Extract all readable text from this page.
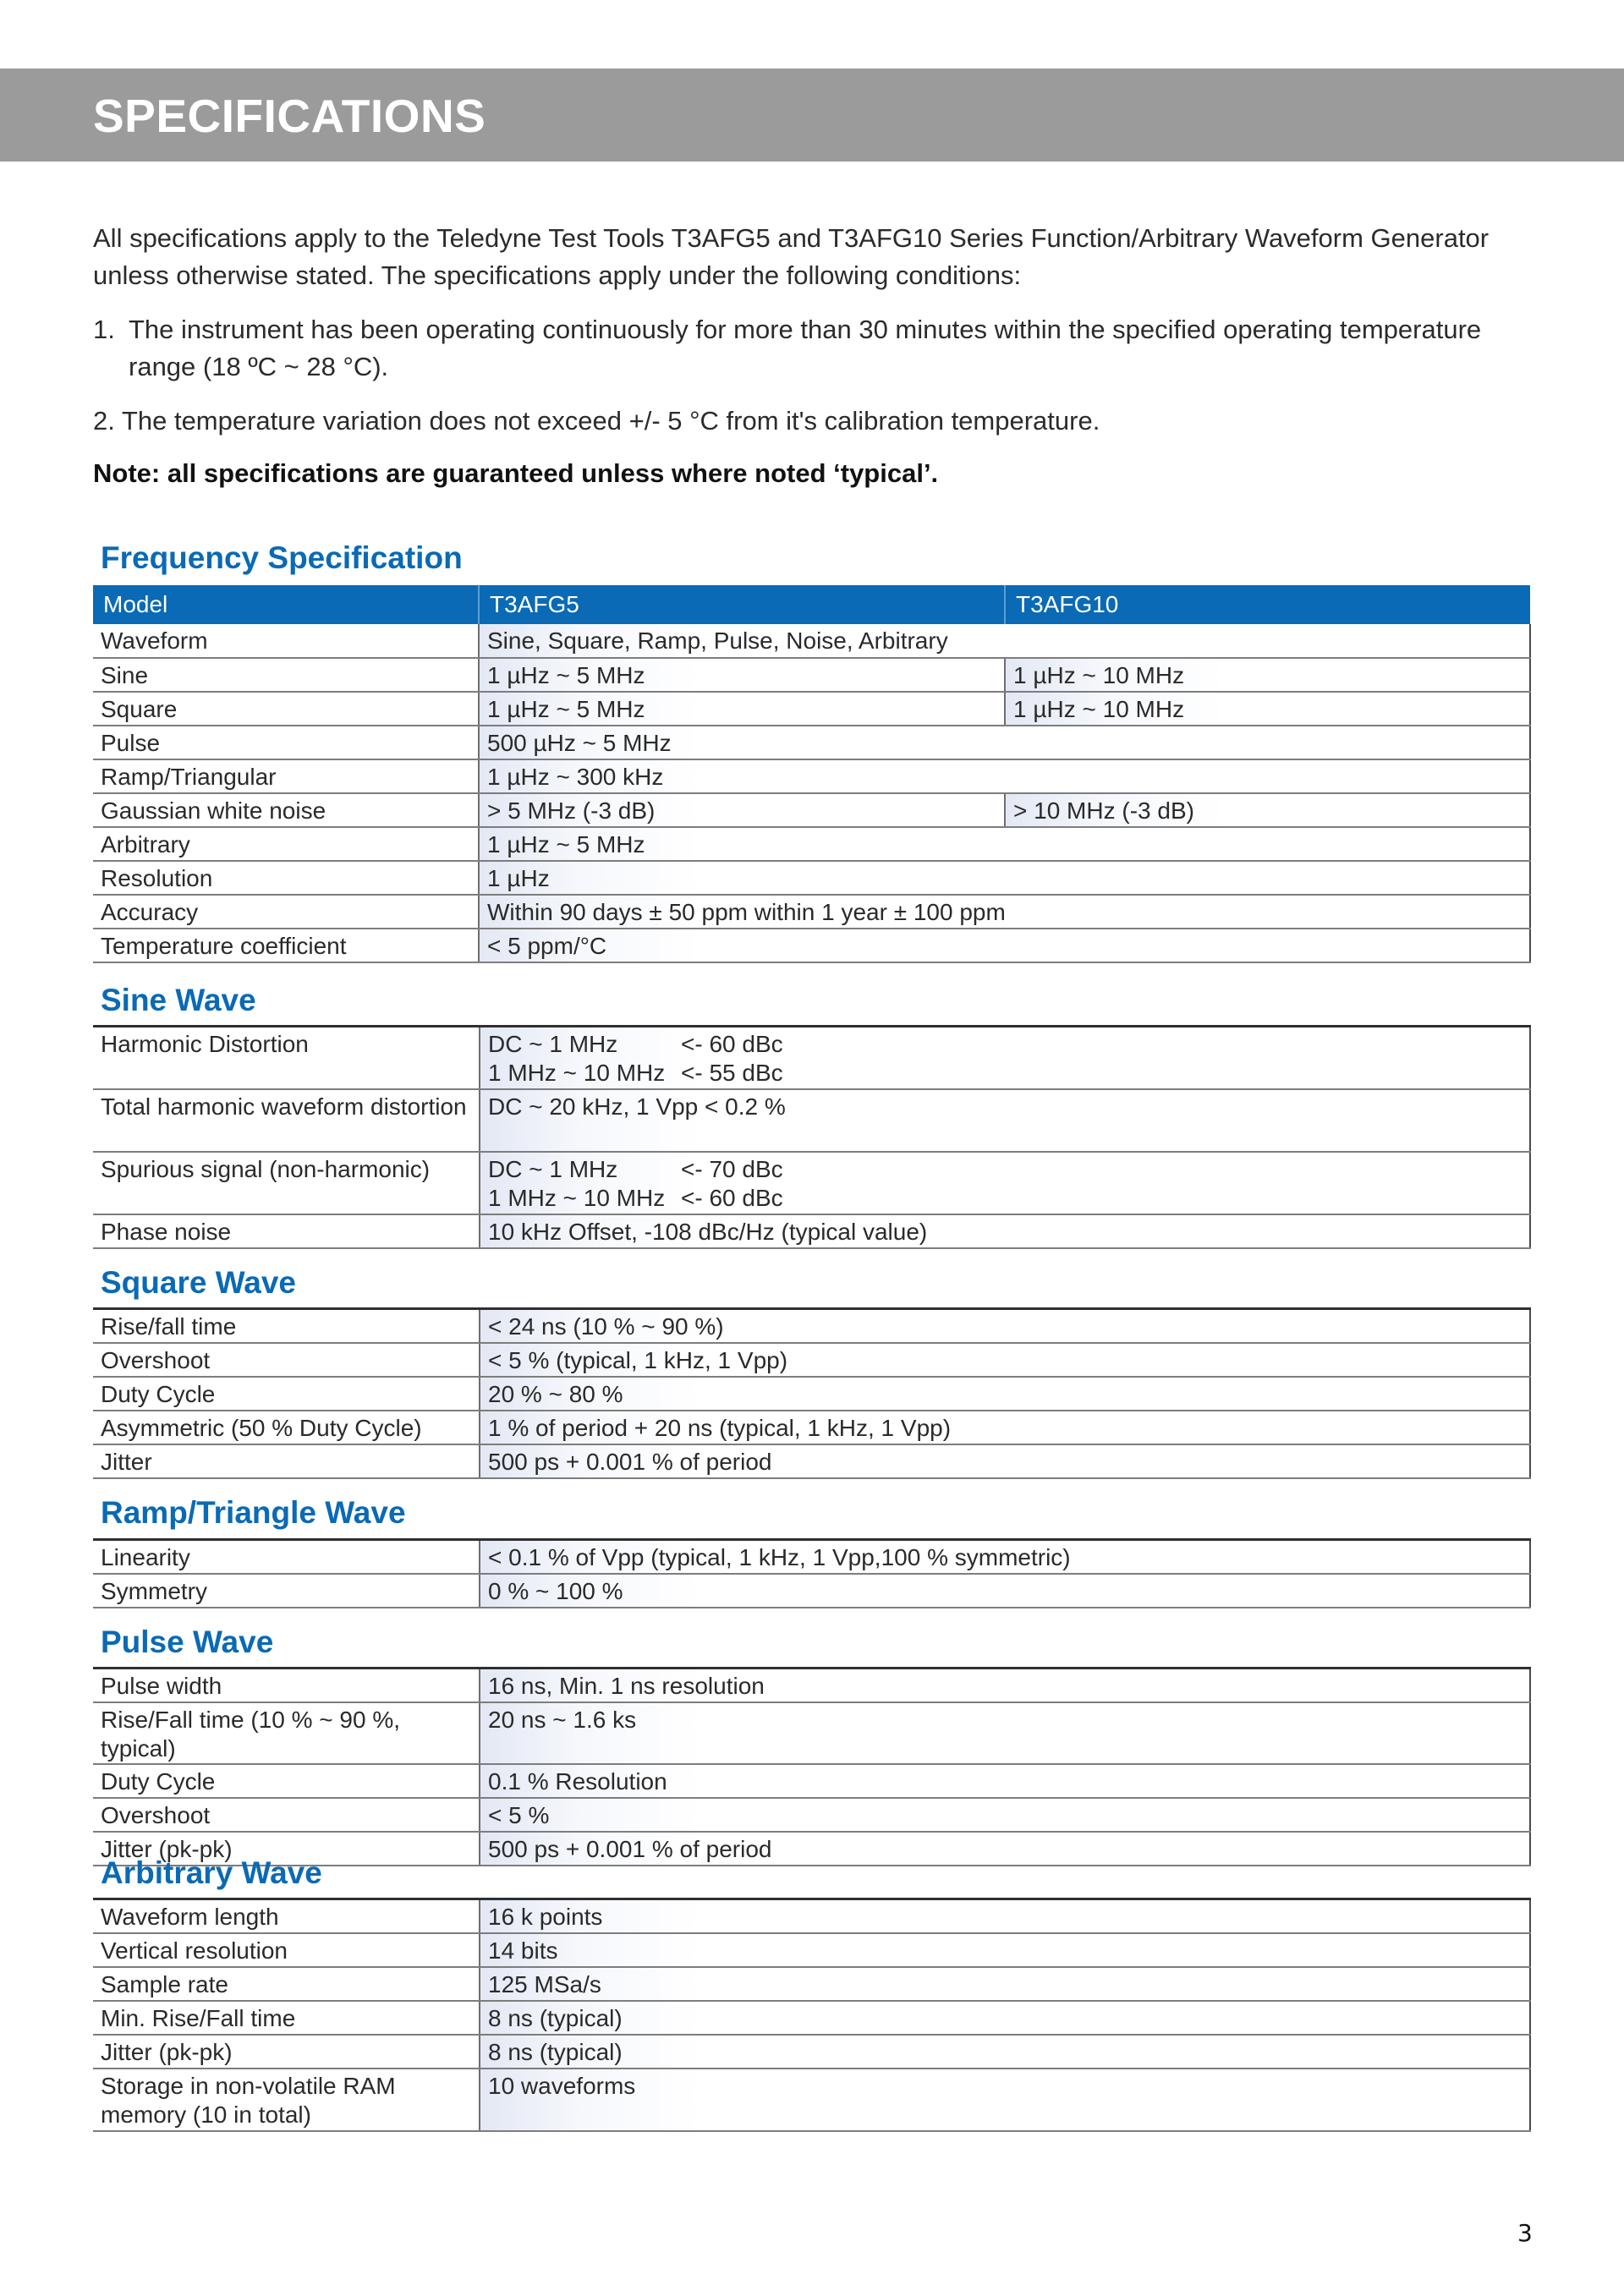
SPECIFICATIONS

All specifications apply to the Teledyne Test Tools T3AFG5 and T3AFG10 Series Function/Arbitrary Waveform Generator unless otherwise stated. The specifications apply under the following conditions:

1. The instrument has been operating continuously for more than 30 minutes within the specified operating temperature range (18 ºC ~ 28 °C).

2. The temperature variation does not exceed +/- 5 °C from it's calibration temperature.

Note: all specifications are guaranteed unless where noted ‘typical’.

Frequency Specification
Model	T3AFG5	T3AFG10
Waveform	Sine, Square, Ramp, Pulse, Noise, Arbitrary	
Sine	1 µHz ~ 5 MHz	1 µHz ~ 10 MHz
Square	1 µHz ~ 5 MHz	1 µHz ~ 10 MHz
Pulse	500 µHz ~ 5 MHz	
Ramp/Triangular	1 µHz ~ 300 kHz	
Gaussian white noise	> 5 MHz (-3 dB)	> 10 MHz (-3 dB)
Arbitrary	1 µHz ~ 5 MHz	
Resolution	1 µHz	
Accuracy	Within 90 days ± 50 ppm within 1 year ± 100 ppm	
Temperature coefficient	< 5 ppm/°C	
Sine Wave
Harmonic Distortion	DC ~ 1 MHz <- 60 dBc
1 MHz ~ 10 MHz <- 55 dBc

Total harmonic waveform distortion	DC ~ 20 kHz, 1 Vpp < 0.2 %
Spurious signal (non-harmonic)	DC ~ 1 MHz <- 70 dBc
1 MHz ~ 10 MHz <- 60 dBc

Phase noise	10 kHz Offset, -108 dBc/Hz (typical value)
Square Wave
Rise/fall time	< 24 ns (10 % ~ 90 %)
Overshoot	< 5 % (typical, 1 kHz, 1 Vpp)
Duty Cycle	20 % ~ 80 %
Asymmetric (50 % Duty Cycle)	1 % of period + 20 ns (typical, 1 kHz, 1 Vpp)
Jitter	500 ps + 0.001 % of period
Ramp/Triangle Wave
Linearity	< 0.1 % of Vpp (typical, 1 kHz, 1 Vpp,100 % symmetric)
Symmetry	0 % ~ 100 %
Pulse Wave
Pulse width	16 ns, Min. 1 ns resolution
Rise/Fall time (10 % ~ 90 %, typical)	20 ns ~ 1.6 ks
Duty Cycle	0.1 % Resolution
Overshoot	< 5 %
Jitter (pk-pk)	500 ps + 0.001 % of period
Arbitrary Wave
Waveform length	16 k points
Vertical resolution	14 bits
Sample rate	125 MSa/s
Min. Rise/Fall time	8 ns (typical)
Jitter (pk-pk)	8 ns (typical)
Storage in non-volatile RAM memory (10 in total)	10 waveforms
3
